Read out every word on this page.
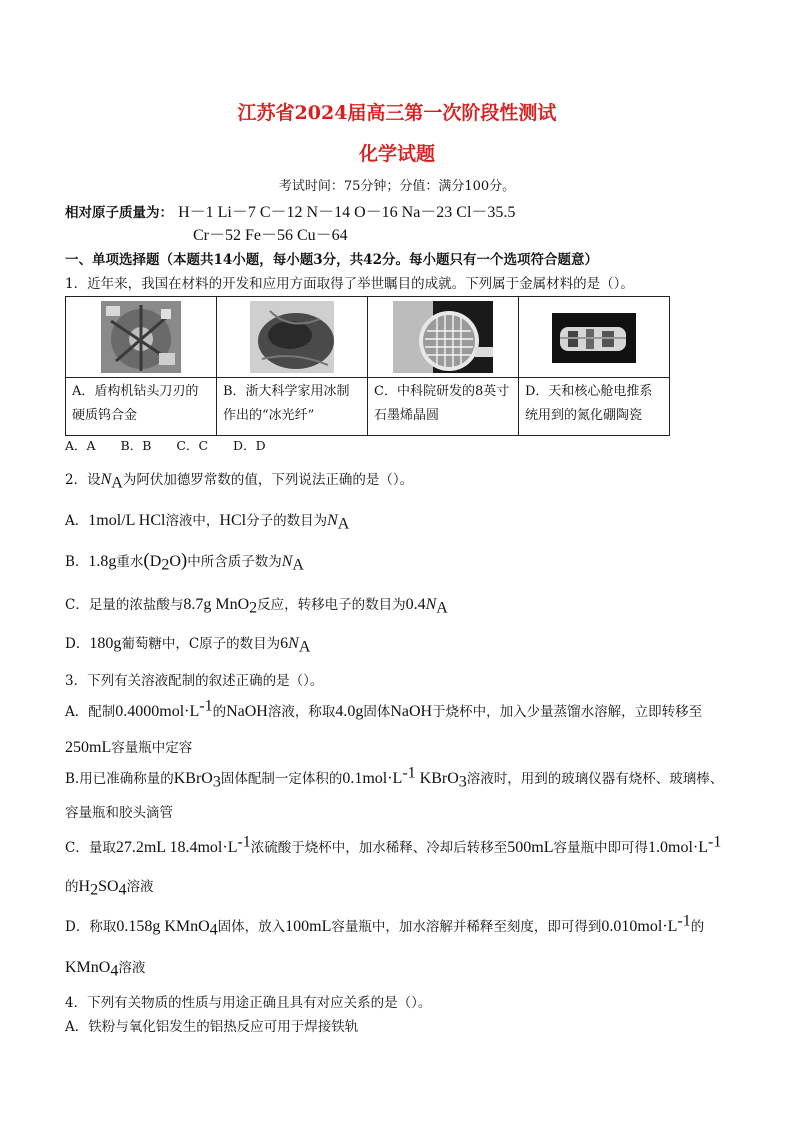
江苏省2024届高三第一次阶段性测试
化学试题
考试时间：75分钟；分值：满分100分。
相对原子质量为： H－1 Li－7 C－12 N－14 O－16 Na－23 Cl－35.5
Cr－52 Fe－56 Cu－64
一、单项选择题（本题共14小题，每小题3分，共42分。每小题只有一个选项符合题意）
1．近年来，我国在材料的开发和应用方面取得了举世瞩目的成就。下列属于金属材料的是（）。

A．盾构机钻头刀刃的硬质钨合金	B．浙大科学家用冰制作出的“冰光纤”	C．中科院研发的8英寸石墨烯晶圆	D．天和核心舱电推系统用到的氮化硼陶瓷
A．A　　B．B　　C．C　　D．D
2．设$N_A$为阿伏加德罗常数的值，下列说法正确的是（）。
A．1mol/L HCl溶液中，HCl分子的数目为$N_A$
B．1.8g重水$(D_2O)$中所含质子数为$N_A$
C．足量的浓盐酸与8.7g MnO$_2$反应，转移电子的数目为$0.4N_A$
D．180g葡萄糖中，C原子的数目为$6N_A$
3．下列有关溶液配制的叙述正确的是（）。
A．配制$0.4000mol\cdot L^{-1}$的NaOH溶液，称取4.0g固体NaOH于烧杯中，加入少量蒸馏水溶解，立即转移至
250mL容量瓶中定容
B.用已准确称量的KBrO$_3$固体配制一定体积的$0.1mol\cdot L^{-1}$ KBrO$_3$溶液时，用到的玻璃仪器有烧杯、玻璃棒、
容量瓶和胶头滴管
C．量取27.2mL $18.4mol\cdot L^{-1}$浓硫酸于烧杯中，加水稀释、冷却后转移至500mL容量瓶中即可得$1.0mol\cdot L^{-1}$
的$H_2SO_4$溶液
D．称取0.158g KMnO$_4$固体，放入100mL容量瓶中，加水溶解并稀释至刻度，即可得到$0.010mol\cdot L^{-1}$的
KMnO$_4$溶液
4．下列有关物质的性质与用途正确且具有对应关系的是（）。
A．铁粉与氧化铝发生的铝热反应可用于焊接铁轨
